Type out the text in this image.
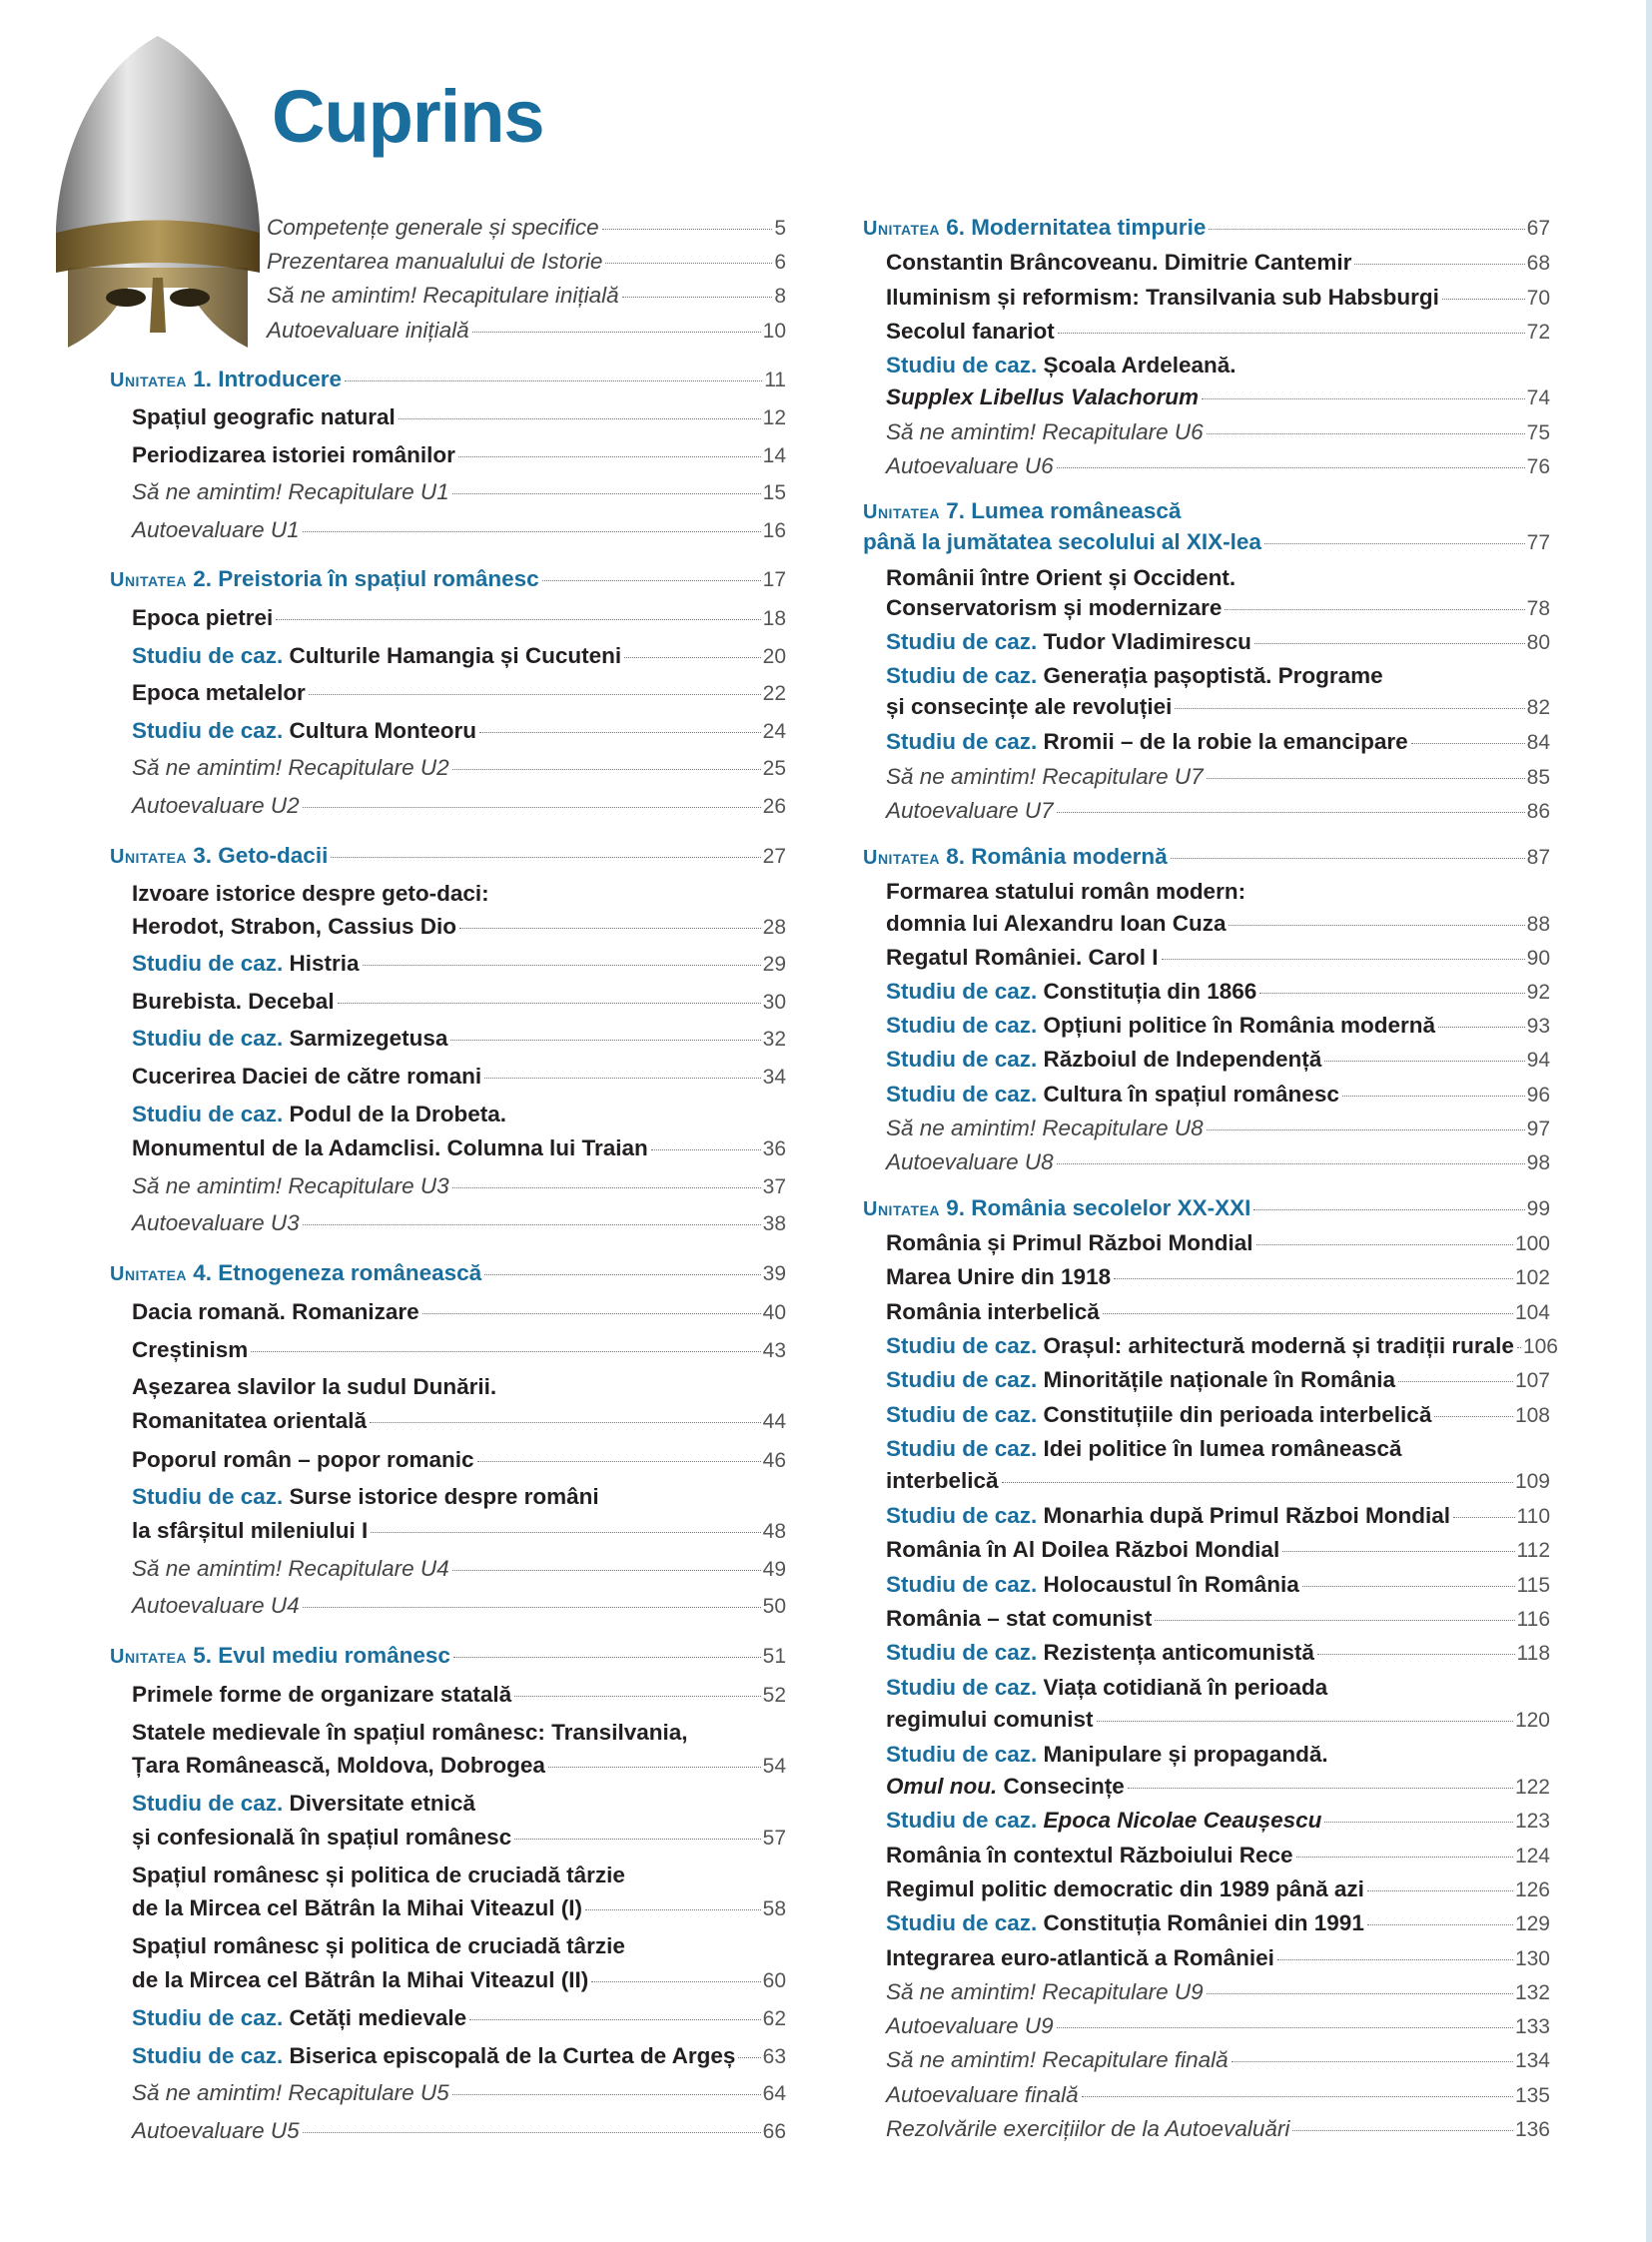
Cuprins
Competențe generale și specifice	5
Prezentarea manualului de Istorie	6
Să ne amintim! Recapitulare inițială	8
Autoevaluare inițială	10
Unitatea 1. Introducere	11
Spațiul geografic natural	12
Periodizarea istoriei românilor	14
Să ne amintim! Recapitulare U1	15
Autoevaluare U1	16
Unitatea 2. Preistoria în spațiul românesc	17
Epoca pietrei	18
Studiu de caz. Culturile Hamangia și Cucuteni	20
Epoca metalelor	22
Studiu de caz. Cultura Monteoru	24
Să ne amintim! Recapitulare U2	25
Autoevaluare U2	26
Unitatea 3. Geto-dacii	27
Izvoare istorice despre geto-daci:
Herodot, Strabon, Cassius Dio	28
Studiu de caz. Histria	29
Burebista. Decebal	30
Studiu de caz. Sarmizegetusa	32
Cucerirea Daciei de către romani	34
Studiu de caz. Podul de la Drobeta.
Monumentul de la Adamclisi. Columna lui Traian	36
Să ne amintim! Recapitulare U3	37
Autoevaluare U3	38
Unitatea 4. Etnogeneza românească	39
Dacia romană. Romanizare	40
Creștinism	43
Așezarea slavilor la sudul Dunării.
Romanitatea orientală	44
Poporul român – popor romanic	46
Studiu de caz. Surse istorice despre români
la sfârșitul mileniului I	48
Să ne amintim! Recapitulare U4	49
Autoevaluare U4	50
Unitatea 5. Evul mediu românesc	51
Primele forme de organizare statală	52
Statele medievale în spațiul românesc: Transilvania,
Țara Românească, Moldova, Dobrogea	54
Studiu de caz. Diversitate etnică
și confesională în spațiul românesc	57
Spațiul românesc și politica de cruciadă târzie
de la Mircea cel Bătrân la Mihai Viteazul (I)	58
Spațiul românesc și politica de cruciadă târzie
de la Mircea cel Bătrân la Mihai Viteazul (II)	60
Studiu de caz. Cetăți medievale	62
Studiu de caz. Biserica episcopală de la Curtea de Argeș 63
Să ne amintim! Recapitulare U5	64
Autoevaluare U5	66
Unitatea 6. Modernitatea timpurie	67
Constantin Brâncoveanu. Dimitrie Cantemir	68
Iluminism și reformism: Transilvania sub Habsburgi	70
Secolul fanariot	72
Studiu de caz. Școala Ardeleană.
Supplex Libellus Valachorum	74
Să ne amintim! Recapitulare U6	75
Autoevaluare U6	76
Unitatea 7. Lumea românească
până la jumătatea secolului al XIX-lea	77
Românii între Orient și Occident.
Conservatorism și modernizare	78
Studiu de caz. Tudor Vladimirescu	80
Studiu de caz. Generația pașoptistă. Programe
și consecințe ale revoluției	82
Studiu de caz. Rromii – de la robie la emancipare	84
Să ne amintim! Recapitulare U7	85
Autoevaluare U7	86
Unitatea 8. România modernă	87
Formarea statului român modern:
domnia lui Alexandru Ioan Cuza	88
Regatul României. Carol I	90
Studiu de caz. Constituția din 1866	92
Studiu de caz. Opțiuni politice în România modernă	93
Studiu de caz. Războiul de Independență	94
Studiu de caz. Cultura în spațiul românesc	96
Să ne amintim! Recapitulare U8	97
Autoevaluare U8	98
Unitatea 9. România secolelor XX-XXI	99
România și Primul Război Mondial	100
Marea Unire din 1918	102
România interbelică	104
Studiu de caz. Orașul: arhitectură modernă și tradiții rurale 106
Studiu de caz. Minoritățile naționale în România	107
Studiu de caz. Constituțiile din perioada interbelică	108
Studiu de caz. Idei politice în lumea românească
interbelică	109
Studiu de caz. Monarhia după Primul Război Mondial	110
România în Al Doilea Război Mondial	112
Studiu de caz. Holocaustul în România	115
România – stat comunist	116
Studiu de caz. Rezistența anticomunistă	118
Studiu de caz. Viața cotidiană în perioada
regimului comunist	120
Studiu de caz. Manipulare și propagandă.
Omul nou. Consecințe	122
Studiu de caz. Epoca Nicolae Ceaușescu	123
România în contextul Războiului Rece	124
Regimul politic democratic din 1989 până azi	126
Studiu de caz. Constituția României din 1991	129
Integrarea euro-atlantică a României	130
Să ne amintim! Recapitulare U9	132
Autoevaluare U9	133
Să ne amintim! Recapitulare finală	134
Autoevaluare finală	135
Rezolvările exercițiilor de la Autoevaluări	136
